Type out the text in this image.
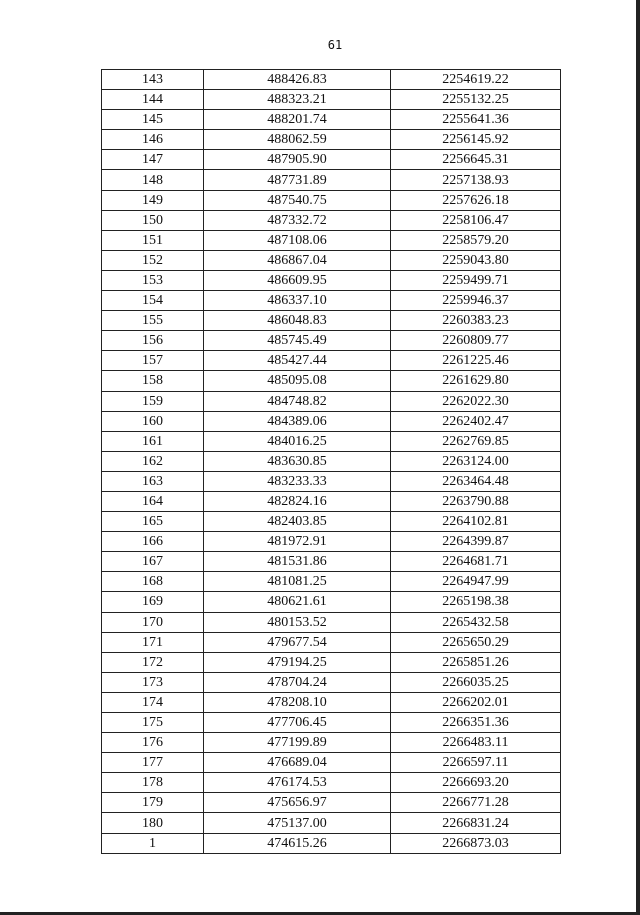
61
143	488426.83	2254619.22
144	488323.21	2255132.25
145	488201.74	2255641.36
146	488062.59	2256145.92
147	487905.90	2256645.31
148	487731.89	2257138.93
149	487540.75	2257626.18
150	487332.72	2258106.47
151	487108.06	2258579.20
152	486867.04	2259043.80
153	486609.95	2259499.71
154	486337.10	2259946.37
155	486048.83	2260383.23
156	485745.49	2260809.77
157	485427.44	2261225.46
158	485095.08	2261629.80
159	484748.82	2262022.30
160	484389.06	2262402.47
161	484016.25	2262769.85
162	483630.85	2263124.00
163	483233.33	2263464.48
164	482824.16	2263790.88
165	482403.85	2264102.81
166	481972.91	2264399.87
167	481531.86	2264681.71
168	481081.25	2264947.99
169	480621.61	2265198.38
170	480153.52	2265432.58
171	479677.54	2265650.29
172	479194.25	2265851.26
173	478704.24	2266035.25
174	478208.10	2266202.01
175	477706.45	2266351.36
176	477199.89	2266483.11
177	476689.04	2266597.11
178	476174.53	2266693.20
179	475656.97	2266771.28
180	475137.00	2266831.24
1	474615.26	2266873.03
